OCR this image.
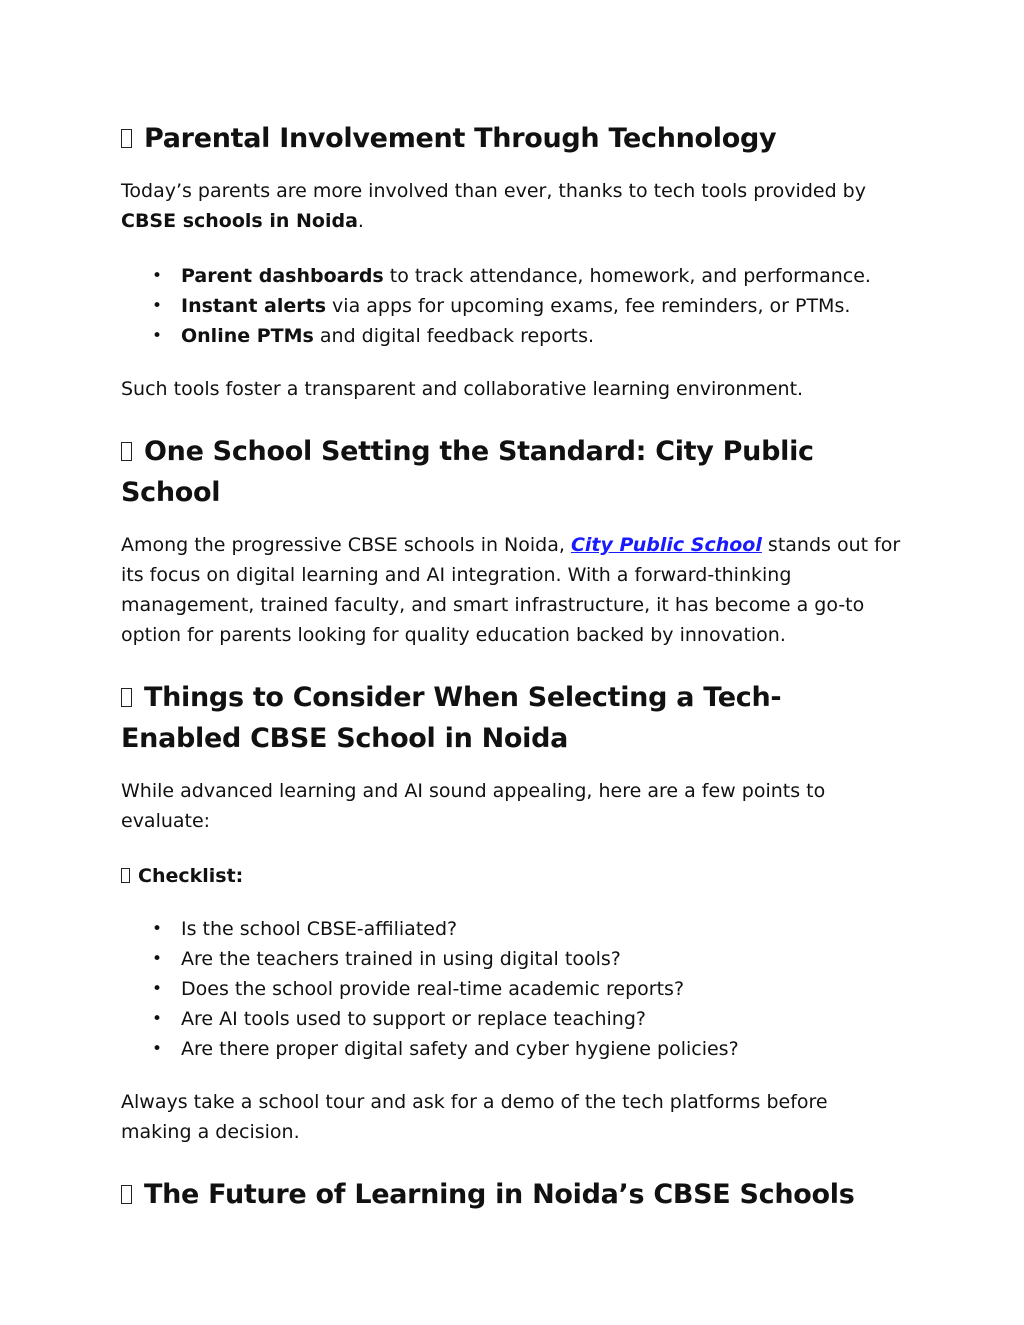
Parental Involvement Through Technology

Today’s parents are more involved than ever, thanks to tech tools provided by CBSE schools in Noida.

• Parent dashboards to track attendance, homework, and performance.
• Instant alerts via apps for upcoming exams, fee reminders, or PTMs.
• Online PTMs and digital feedback reports.

Such tools foster a transparent and collaborative learning environment.

One School Setting the Standard: City Public School

Among the progressive CBSE schools in Noida, City Public School stands out for its focus on digital learning and AI integration. With a forward-thinking management, trained faculty, and smart infrastructure, it has become a go-to option for parents looking for quality education backed by innovation.

Things to Consider When Selecting a Tech-Enabled CBSE School in Noida

While advanced learning and AI sound appealing, here are a few points to evaluate:

Checklist:
• Is the school CBSE-affiliated?
• Are the teachers trained in using digital tools?
• Does the school provide real-time academic reports?
• Are AI tools used to support or replace teaching?
• Are there proper digital safety and cyber hygiene policies?

Always take a school tour and ask for a demo of the tech platforms before making a decision.

The Future of Learning in Noida’s CBSE Schools
